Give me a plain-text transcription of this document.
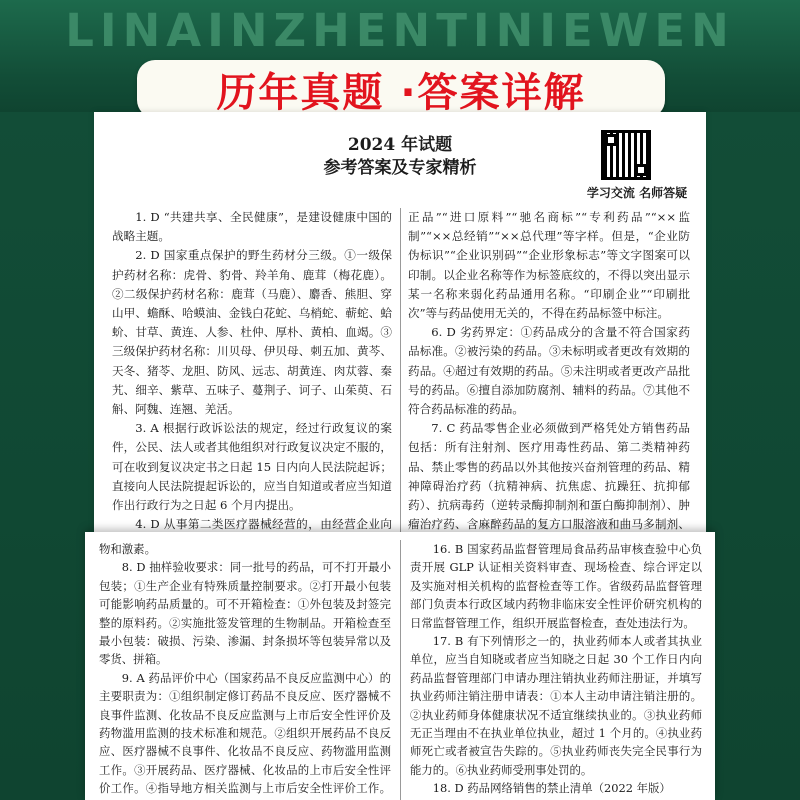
LINAINZHENTINIEWEN
历年真题 ·答案详解
2024 年试题
参考答案及专家精析
学习交流 名师答疑

1. D “共建共享、全民健康”，是建设健康中国的战略主题。

2. D 国家重点保护的野生药材分三级。①一级保护药材名称：虎骨、豹骨、羚羊角、鹿茸（梅花鹿）。②二级保护药材名称：鹿茸（马鹿）、麝香、熊胆、穿山甲、蟾酥、哈蟆油、金钱白花蛇、乌梢蛇、蕲蛇、蛤蚧、甘草、黄连、人参、杜仲、厚朴、黄柏、血竭。③三级保护药材名称：川贝母、伊贝母、刺五加、黄芩、天冬、猪苓、龙胆、防风、远志、胡黄连、肉苁蓉、秦艽、细辛、紫草、五味子、蔓荆子、诃子、山茱萸、石斛、阿魏、连翘、羌活。

3. A 根据行政诉讼法的规定，经过行政复议的案件，公民、法人或者其他组织对行政复议决定不服的，可在收到复议决定书之日起 15 日内向人民法院起诉；直接向人民法院提起诉讼的，应当自知道或者应当知道作出行政行为之日起 6 个月内提出。

4. D 从事第二类医疗器械经营的，由经营企业向

正品”“进口原料”“驰名商标”“专利药品”“××监制”“××总经销”“××总代理”等字样。但是，“企业防伪标识”“企业识别码”“企业形象标志”等文字图案可以印制。以企业名称等作为标签底纹的，不得以突出显示某一名称来弱化药品通用名称。“印刷企业”“印刷批次”等与药品使用无关的，不得在药品标签中标注。

6. D 劣药界定：①药品成分的含量不符合国家药品标准。②被污染的药品。③未标明或者更改有效期的药品。④超过有效期的药品。⑤未注明或者更改产品批号的药品。⑥擅自添加防腐剂、辅料的药品。⑦其他不符合药品标准的药品。

7. C 药品零售企业必须做到严格凭处方销售药品包括：所有注射剂、医疗用毒性药品、第二类精神药品、禁止零售的药品以外其他按兴奋剂管理的药品、精神障碍治疗药（抗精神病、抗焦虑、抗躁狂、抗抑郁药）、抗病毒药（逆转录酶抑制剂和蛋白酶抑制剂）、肿瘤治疗药、含麻醉药品的复方口服溶液和曲马多制剂、

物和激素。

8. D 抽样验收要求：同一批号的药品，可不打开最小包装；①生产企业有特殊质量控制要求。②打开最小包装可能影响药品质量的。可不开箱检查：①外包装及封签完整的原料药。②实施批签发管理的生物制品。开箱检查至最小包装：破损、污染、渗漏、封条损坏等包装异常以及零货、拼箱。

9. A 药品评价中心（国家药品不良反应监测中心）的主要职责为：①组织制定修订药品不良反应、医疗器械不良事件监测、化妆品不良反应监测与上市后安全性评价及药物滥用监测的技术标准和规范。②组织开展药品不良反应、医疗器械不良事件、化妆品不良反应、药物滥用监测工作。③开展药品、医疗器械、化妆品的上市后安全性评价工作。④指导地方相关监测与上市后安全性评价工作。

16. B 国家药品监督管理局食品药品审核查验中心负责开展 GLP 认证相关资料审查、现场检查、综合评定以及实施对相关机构的监督检查等工作。省级药品监督管理部门负责本行政区域内药物非临床安全性评价研究机构的日常监督管理工作，组织开展监督检查，查处违法行为。

17. B 有下列情形之一的，执业药师本人或者其执业单位，应当自知晓或者应当知晓之日起 30 个工作日内向药品监督管理部门申请办理注销执业药师注册证，并填写执业药师注销注册申请表：①本人主动申请注销注册的。②执业药师身体健康状况不适宜继续执业的。③执业药师无正当理由不在执业单位执业，超过 1 个月的。④执业药师死亡或者被宣告失踪的。⑤执业药师丧失完全民事行为能力的。⑥执业药师受刑事处罚的。

18. D 药品网络销售的禁止清单（2022 年版）
